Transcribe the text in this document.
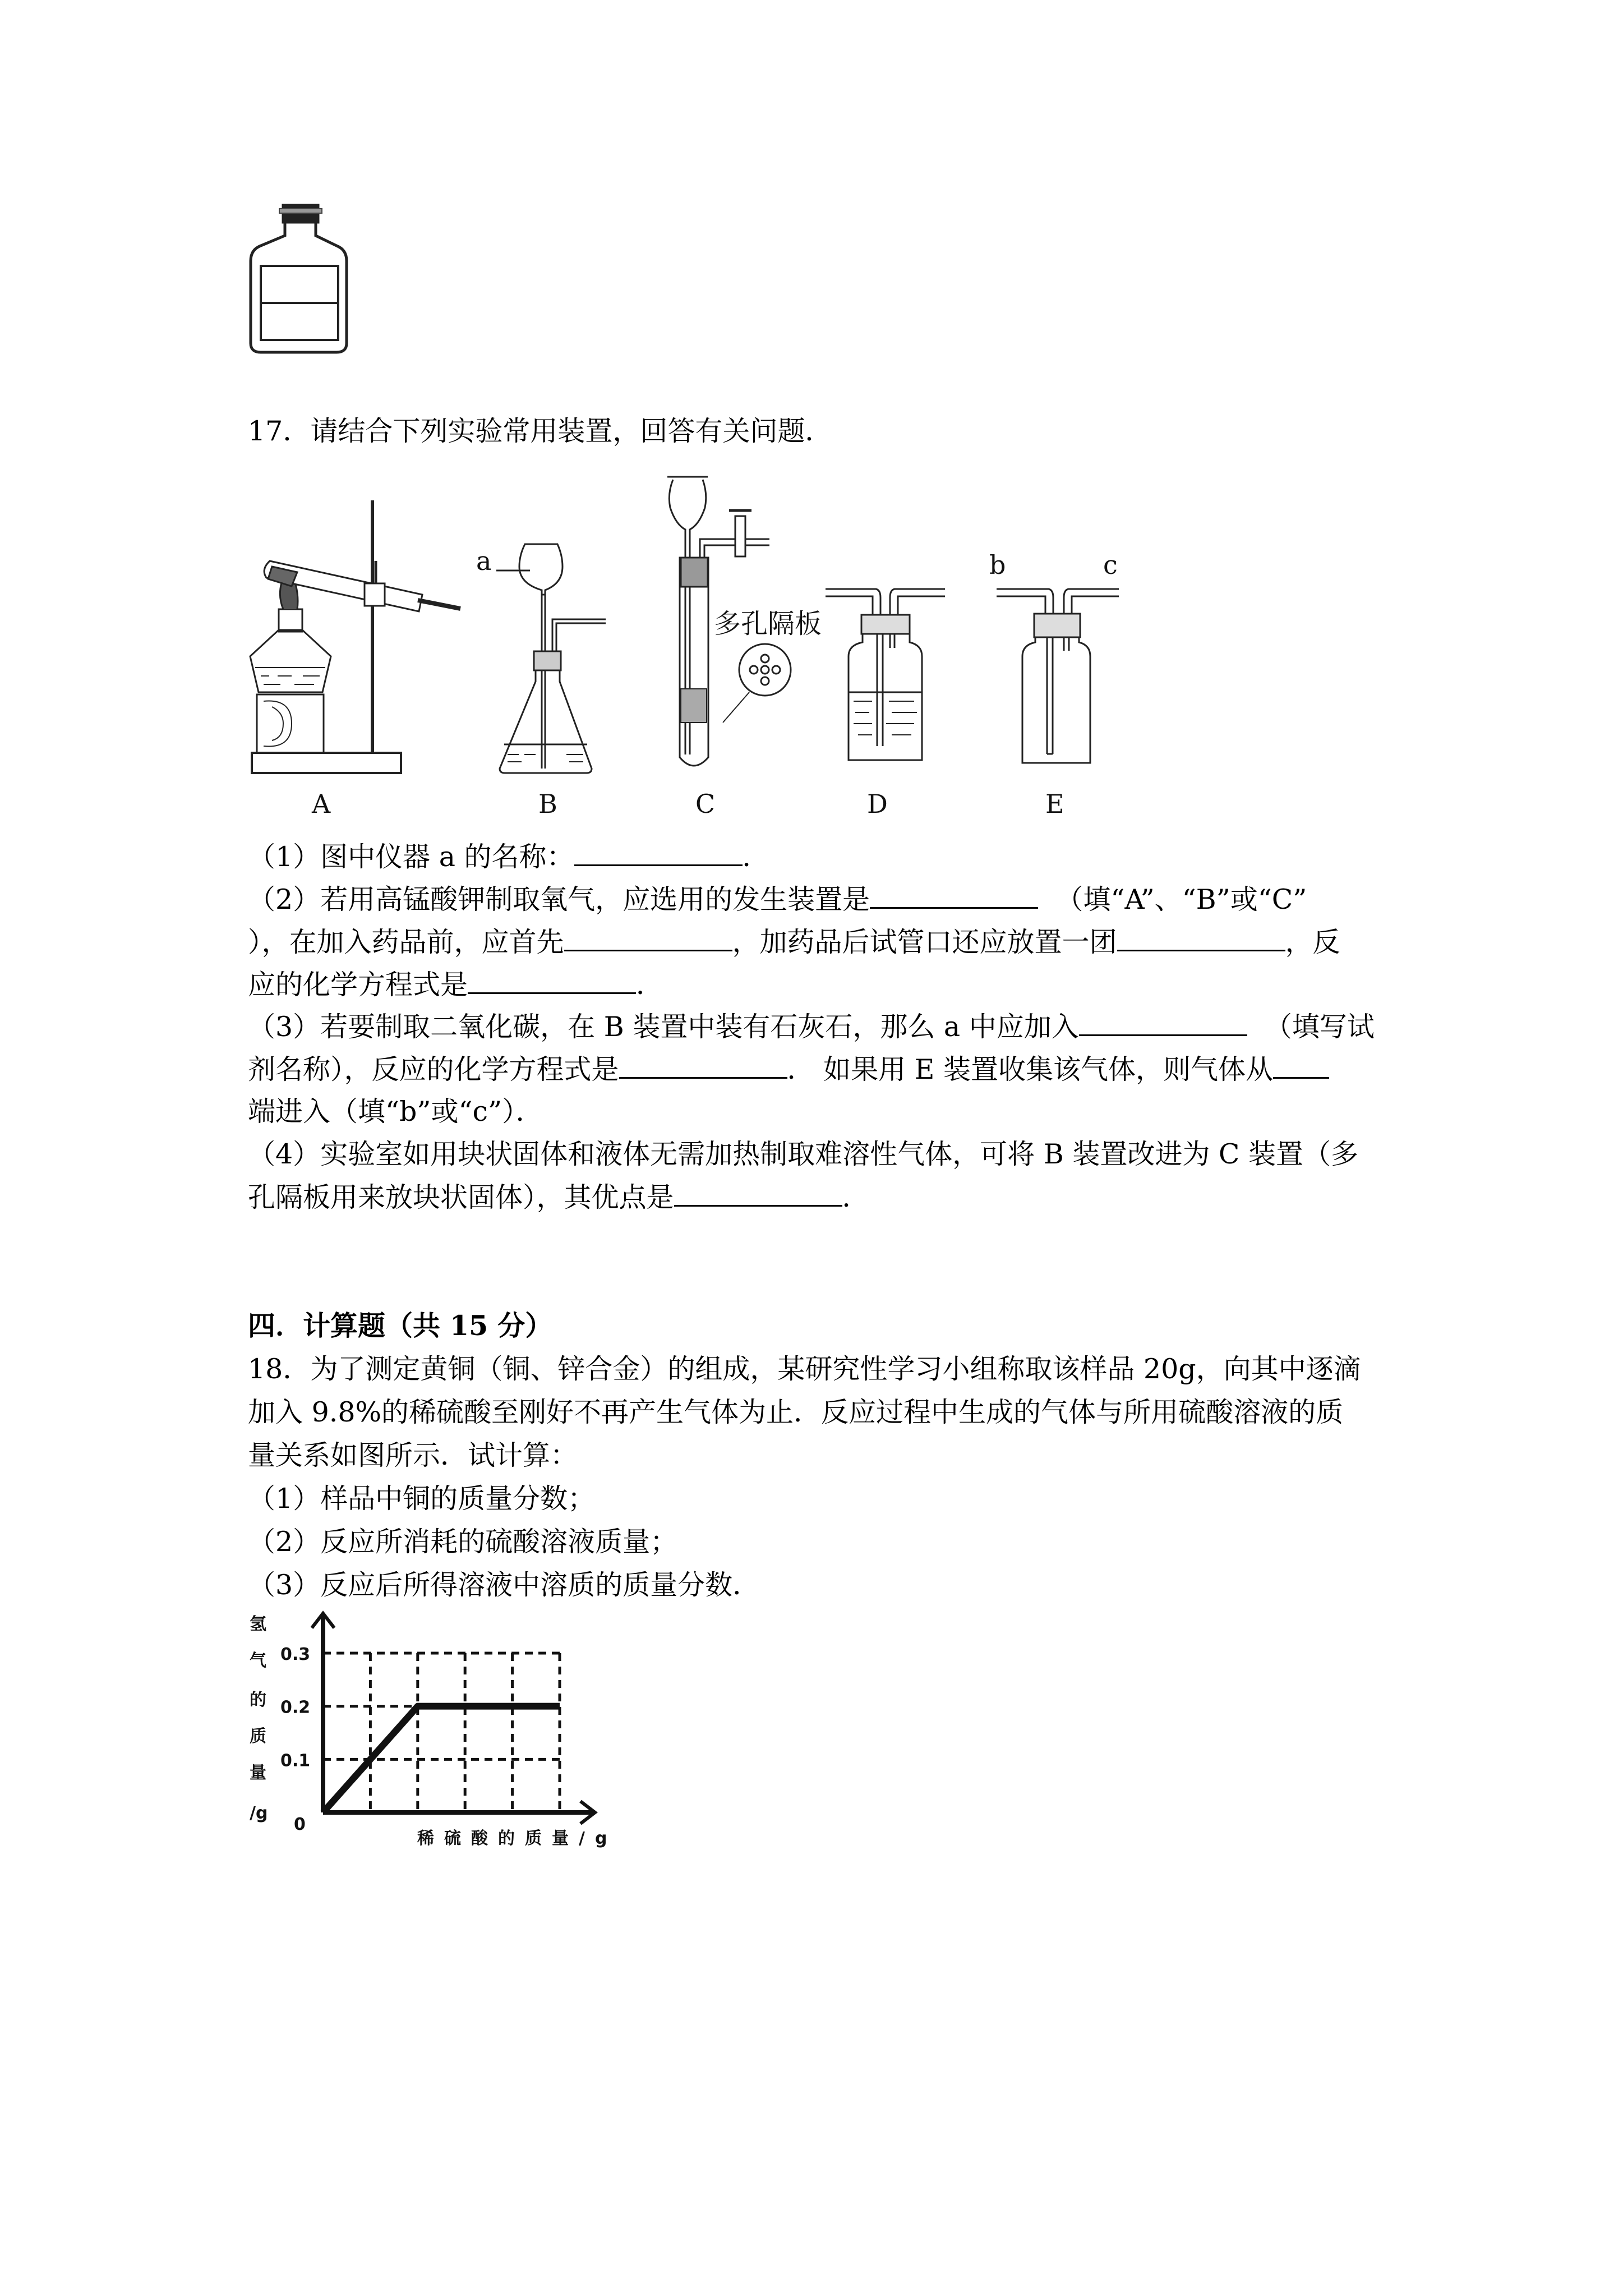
17．请结合下列实验常用装置，回答有关问题．
A	B	C	D	E
a	b	c
多孔隔板
（1）图中仪器 a 的名称：	．
（2）若用高锰酸钾制取氧气，应选用的发生装置是	（填“A”、“B”或“C”
），在加入药品前，应首先	，加药品后试管口还应放置一团	，反
应的化学方程式是	．
（3）若要制取二氧化碳，在 B 装置中装有石灰石，那么 a 中应加入	（填写试
剂名称），反应的化学方程式是	． 如果用 E 装置收集该气体，则气体从
端进入（填“b”或“c”）．
（4）实验室如用块状固体和液体无需加热制取难溶性气体，可将 B 装置改进为 C 装置（多
孔隔板用来放块状固体），其优点是	．
四．计算题（共 15 分）
18．为了测定黄铜（铜、锌合金）的组成，某研究性学习小组称取该样品 20g，向其中逐滴
加入 9.8%的稀硫酸至刚好不再产生气体为止．反应过程中生成的气体与所用硫酸溶液的质
量关系如图所示．试计算：
（1）样品中铜的质量分数；
（2）反应所消耗的硫酸溶液质量；
（3）反应后所得溶液中溶质的质量分数．
0.1
0.2
0.3
0
氢
气
的
质
量
/g
稀硫酸的质量/g
